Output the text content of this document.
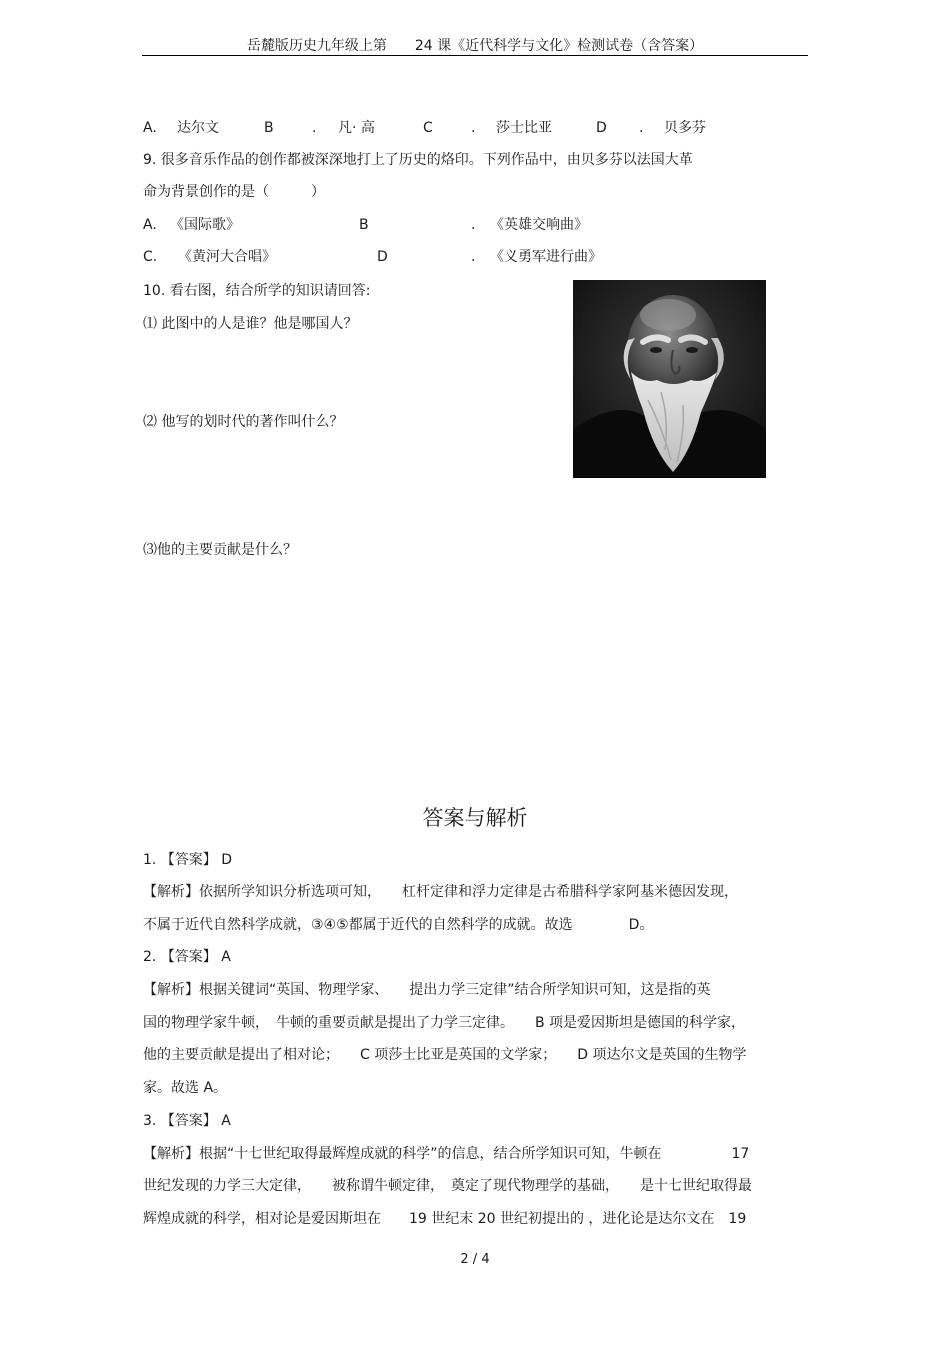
岳麓版历史九年级上第　　24 课《近代科学与文化》检测试卷（含答案）
A. 达尔文	B	. 凡· 高	C	. 莎士比亚	D . 贝多芬
9. 很多音乐作品的创作都被深深地打上了历史的烙印。下列作品中，由贝多芬以法国大革
命为背景创作的是（　　　）
A. 《国际歌》	B	. 《英雄交响曲》
C. 《黄河大合唱》	D	. 《义勇军进行曲》
10. 看右图，结合所学的知识请回答:
⑴ 此图中的人是谁？他是哪国人？
⑵ 他写的划时代的著作叫什么？
⑶他的主要贡献是什么？
答案与解析
1. 【答案】 D
【解析】依据所学知识分析选项可知，　　杠杆定律和浮力定律是古希腊科学家阿基米德因发现，
不属于近代自然科学成就，③④⑤都属于近代的自然科学的成就。故选　　　　D。
2. 【答案】 A
【解析】根据关键词“英国、物理学家、　　提出力学三定律”结合所学知识可知，这是指的英
国的物理学家牛顿，　牛顿的重要贡献是提出了力学三定律。　　B 项是爱因斯坦是德国的科学家，
他的主要贡献是提出了相对论；　　C 项莎士比亚是英国的文学家；　　D 项达尔文是英国的生物学
家。故选 A。
3. 【答案】 A
【解析】根据“十七世纪取得最辉煌成就的科学”的信息，结合所学知识可知，牛顿在　　　　　17
世纪发现的力学三大定律，　　被称谓牛顿定律，　奠定了现代物理学的基础，　　是十七世纪取得最
辉煌成就的科学，相对论是爱因斯坦在　　19 世纪末 20 世纪初提出的 ，进化论是达尔文在　19
2 / 4
